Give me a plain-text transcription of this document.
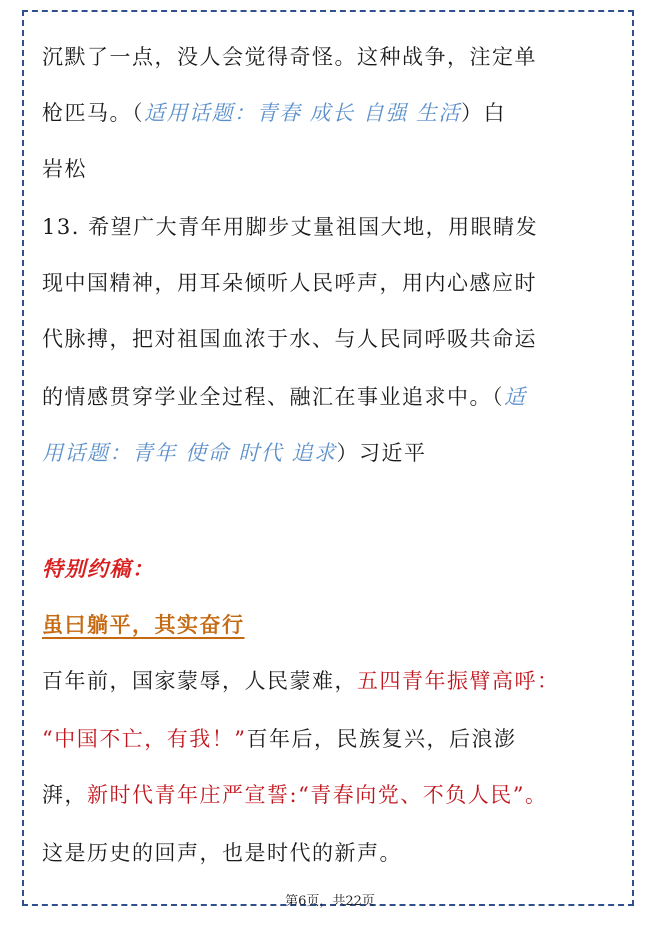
沉默了一点，没人会觉得奇怪。这种战争，注定单
枪匹马。（适用话题：青春 成长 自强 生活）白
岩松
13. 希望广大青年用脚步丈量祖国大地，用眼睛发
现中国精神，用耳朵倾听人民呼声，用内心感应时
代脉搏，把对祖国血浓于水、与人民同呼吸共命运
的情感贯穿学业全过程、融汇在事业追求中。（适
用话题：青年 使命 时代 追求）习近平
特别约稿：
虽曰躺平，其实奋行
百年前，国家蒙辱，人民蒙难，五四青年振臂高呼：
“中国不亡，有我！”百年后，民族复兴，后浪澎
湃，新时代青年庄严宣誓:“青春向党、不负人民”。
这是历史的回声，也是时代的新声。
第6页，共22页
